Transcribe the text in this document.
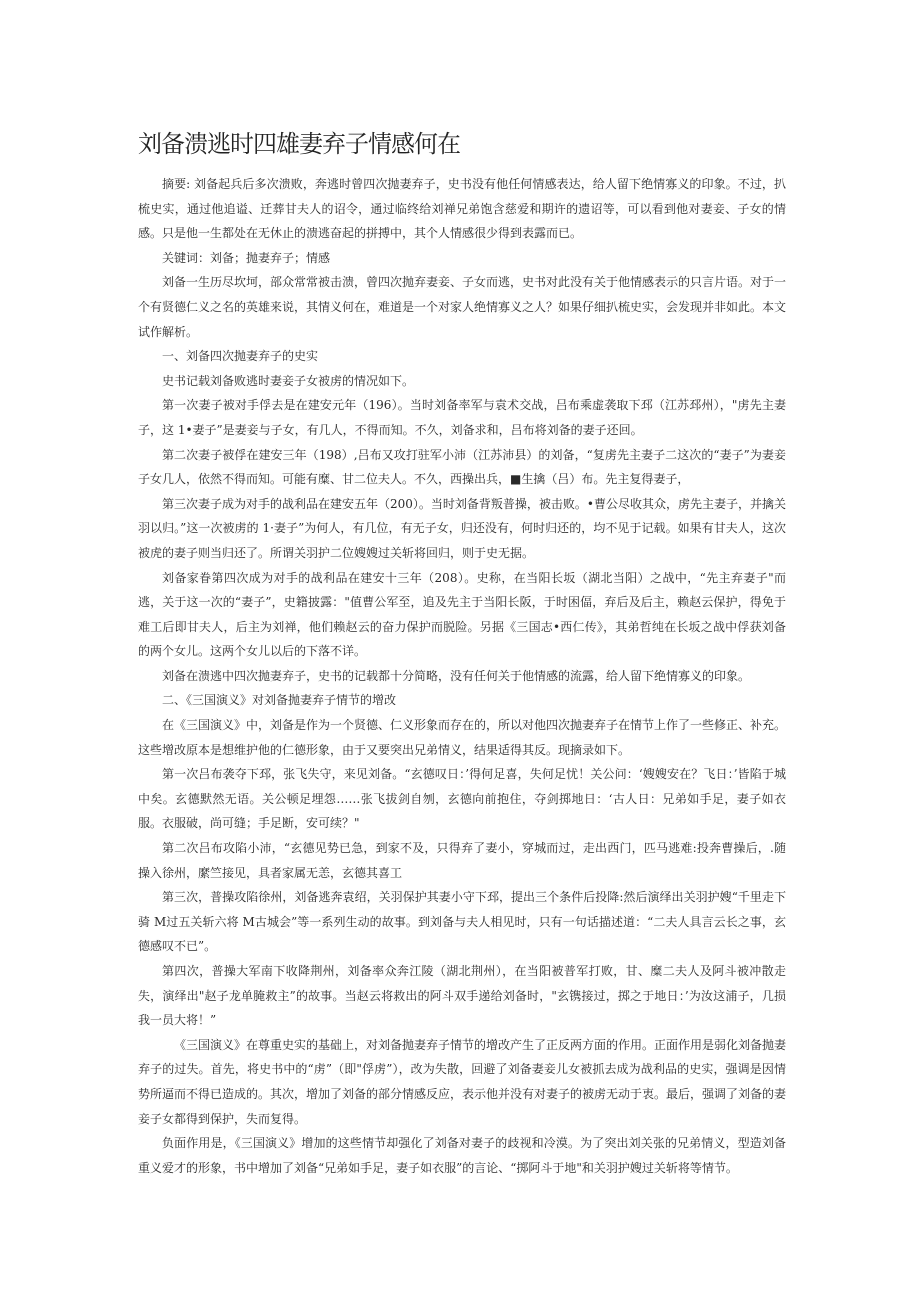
刘备溃逃时四雄妻弃子情感何在

摘要: 刘备起兵后多次溃败，奔逃时曾四次抛妻弃子，史书没有他任何情感表达，给人留下绝情寡义的印象。不过，扒梳史实，通过他追谥、迁葬甘夫人的诏令，通过临终给刘禅兄弟饱含慈爱和期许的遗诏等，可以看到他对妻妾、子女的情感。只是他一生都处在无休止的溃逃奋起的拼搏中，其个人情感很少得到表露而已。

关键词：刘备；抛妻弃子；情感

刘备一生历尽坎坷，部众常常被击溃，曾四次抛弃妻妾、子女而逃，史书对此没有关于他情感表示的只言片语。对于一个有贤德仁义之名的英雄来说，其情义何在，难道是一个对家人绝情寡义之人？如果仔细扒梳史实，会发现并非如此。本文试作解析。

一、刘备四次抛妻弃子的史实

史书记载刘备败逃时妻妾子女被虏的情况如下。

第一次妻子被对手俘去是在建安元年（196）。当时刘备率军与袁术交战，吕布乘虚袭取下邳（江苏邳州），"虏先主妻子，这 1•妻子”是妻妾与子女，有几人，不得而知。不久，刘备求和，吕布将刘备的妻子还回。

第二次妻子被俘在建安三年（198）,吕布又攻打驻军小沛（江苏沛县）的刘备，“复虏先主妻子二这次的“妻子”为妻妾子女几人，依然不得而知。可能有糜、甘二位夫人。不久，西操出兵，■生擒（吕）布。先主复得妻子，

第三次妻子成为对手的战利品在建安五年（200）。当时刘备背叛普操，被击败。•曹公尽收其众，虏先主妻子，并擒关羽以归。”这一次被虏的 1·妻子”为何人，有几位，有无子女，归还没有，何时归还的，均不见于记载。如果有甘夫人，这次被虎的妻子则当归还了。所谓关羽护二位嫂嫂过关斩将回归，则于史无据。

刘备家眷第四次成为对手的战利品在建安十三年（208）。史称，在当阳长坂（湖北当阳）之战中，“先主弃妻子"而逃，关于这一次的“妻子”，史籍披露："值曹公军至，追及先主于当阳长阪，于时困偪，弃后及后主，赖赵云保护，得免于难工后即甘夫人，后主为刘禅，他们赖赵云的奋力保护而脱险。另据《三国志•西仁传》，其弟哲纯在长坂之战中俘获刘备的两个女儿。这两个女儿以后的下落不详。

刘备在溃逃中四次抛妻弃子，史书的记载都十分简略，没有任何关于他情感的流露，给人留下绝情寡义的印象。

二、《三国演义》对刘备抛妻弃子情节的增改

在《三国演义》中，刘备是作为一个贤德、仁义形象而存在的，所以对他四次抛妻弃子在情节上作了一些修正、补充。这些增改原本是想维护他的仁德形象，由于又要突出兄弟情义，结果适得其反。现摘录如下。

第一次吕布袭夺下邳，张飞失守，来见刘备。“玄德叹日：’得何足喜，失何足忧！关公问：‘嫂嫂安在？飞日：’皆陷于城中矣。玄德默然无语。关公顿足埋怨……张飞拔剑自刎，玄德向前抱住，夺剑掷地日：‘古人日：兄弟如手足，妻子如衣服。衣服破，尚可缝；手足断，安可续？"

第二次吕布攻陷小沛，“玄德见势已急，到家不及，只得弃了妻小，穿城而过，走出西门，匹马逃难:投奔曹操后，.随操入徐州，縻竺接见，具者家属无恙，玄德其喜工

第三次，普操攻陷徐州，刘备逃奔袁绍，关羽保护其妻小守下邳，提出三个条件后投降:然后演绎出关羽护嫂“千里走下骑 M过五关斩六将 M古城会”等一系列生动的故事。到刘备与夫人相见时，只有一句话描述道：“二夫人具言云长之事，玄德感叹不已”。

第四次，普操大军南下收降荆州，刘备率众奔江陵（湖北荆州），在当阳被普军打败，甘、糜二夫人及阿斗被冲散走失，演绎出"赵子龙单腌救主”的故事。当赵云将救出的阿斗双手递给刘备时，"玄镌接过，掷之于地日：’为汝这浦子，几损我一员大将！”

《三国演义》在尊重史实的基础上，对刘备抛妻弃子情节的增改产生了正反两方面的作用。正面作用是弱化刘备抛妻弃子的过失。首先，将史书中的“虏”（即"俘虏”），改为失散，回避了刘备妻妾儿女被抓去成为战利品的史实，强调是因情势所逼而不得已造成的。其次，增加了刘备的部分情感反应，表示他并没有对妻子的被虏无动于衷。最后，强调了刘备的妻妾子女都得到保护，失而复得。

负面作用是，《三国演义》增加的这些情节却强化了刘备对妻子的歧视和冷漠。为了突出刘关张的兄弟情义，型造刘备重义爱才的形象，书中增加了刘备“兄弟如手足，妻子如衣服”的言论、“掷阿斗于地"和关羽护嫂过关斩将等情节。
